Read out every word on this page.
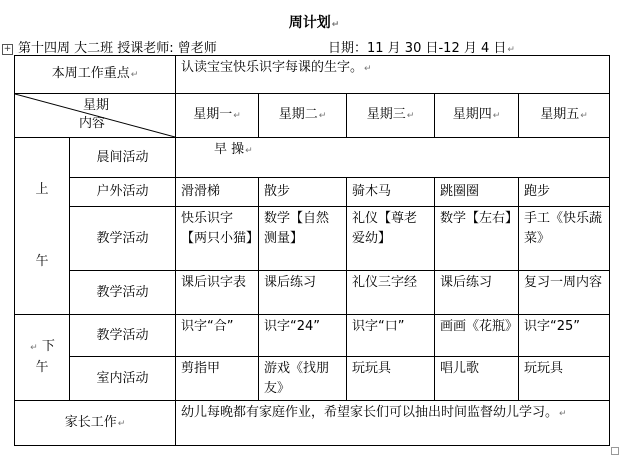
周计划↵
+ 第十四周 大二班 授课老师: 曾老师	日期：11 月 30 日-12 月 4 日↵
本周工作重点↵		认读宝宝快乐识字每课的生字。↵				

星期
内容		星期一↵	星期二↵	星期三↵	星期四↵	星期五↵

上
午	晨间活动	早 操↵				
	户外活动	滑滑梯	散步	骑木马	跳圈圈	跑步
	教学活动	快乐识字【两只小猫】	数学【自然测量】	礼仪【尊老爱幼】	数学【左右】	手工《快乐蔬菜》
	教学活动	课后识字表	课后练习	礼仪三字经	课后练习	复习一周内容

↵ 下
午	教学活动	识字“合”	识字“24”	识字“口”	画画《花瓶》	识字“25”
	室内活动	剪指甲	游戏《找朋友》	玩玩具	唱儿歌	玩玩具
家长工作↵		幼儿每晚都有家庭作业，希望家长们可以抽出时间监督幼儿学习。↵				
